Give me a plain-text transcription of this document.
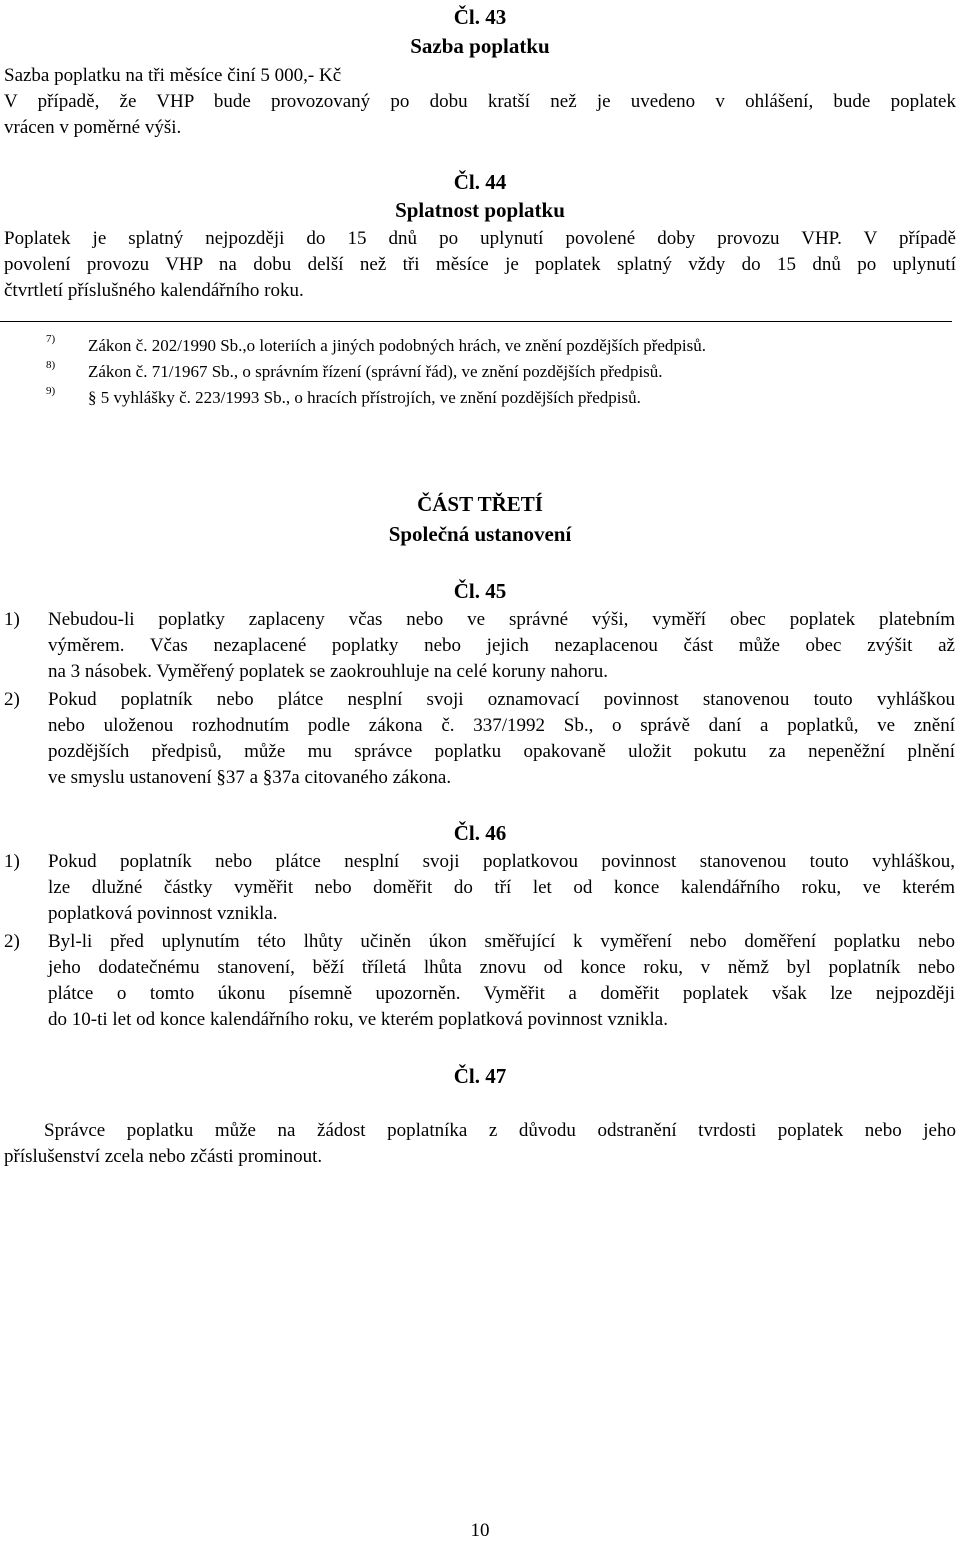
Čl. 43
Sazba poplatku
Sazba poplatku na tři měsíce činí 5 000,- Kč
V případě, že VHP bude provozovaný po dobu kratší než je uvedeno v ohlášení, bude poplatek
vrácen v poměrné výši.
Čl. 44
Splatnost poplatku
Poplatek je splatný nejpozději do 15 dnů po uplynutí povolené doby provozu VHP. V případě
povolení provozu VHP na dobu delší než tři měsíce je poplatek splatný vždy do 15 dnů po uplynutí
čtvrtletí příslušného kalendářního roku.
7) Zákon č. 202/1990 Sb.,o loteriích a jiných podobných hrách, ve znění pozdějších předpisů.
8) Zákon č. 71/1967 Sb., o správním řízení (správní řád), ve znění pozdějších předpisů.
9) § 5 vyhlášky č. 223/1993 Sb., o hracích přístrojích, ve znění pozdějších předpisů.
ČÁST TŘETÍ
Společná ustanovení
Čl. 45
1) Nebudou-li poplatky zaplaceny včas nebo ve správné výši, vyměří obec poplatek platebním
výměrem. Včas nezaplacené poplatky nebo jejich nezaplacenou část může obec zvýšit až
na 3 násobek. Vyměřený poplatek se zaokrouhluje na celé koruny nahoru.
2) Pokud poplatník nebo plátce nesplní svoji oznamovací povinnost stanovenou touto vyhláškou
nebo uloženou rozhodnutím podle zákona č. 337/1992 Sb., o správě daní a poplatků, ve znění
pozdějších předpisů, může mu správce poplatku opakovaně uložit pokutu za nepeněžní plnění
ve smyslu ustanovení §37 a §37a citovaného zákona.
Čl. 46
1) Pokud poplatník nebo plátce nesplní svoji poplatkovou povinnost stanovenou touto vyhláškou,
lze dlužné částky vyměřit nebo doměřit do tří let od konce kalendářního roku, ve kterém
poplatková povinnost vznikla.
2) Byl-li před uplynutím této lhůty učiněn úkon směřující k vyměření nebo doměření poplatku nebo
jeho dodatečnému stanovení, běží tříletá lhůta znovu od konce roku, v němž byl poplatník nebo
plátce o tomto úkonu písemně upozorněn. Vyměřit a doměřit poplatek však lze nejpozději
do 10-ti let od konce kalendářního roku, ve kterém poplatková povinnost vznikla.
Čl. 47
Správce poplatku může na žádost poplatníka z důvodu odstranění tvrdosti poplatek nebo jeho
příslušenství zcela nebo zčásti prominout.
10
